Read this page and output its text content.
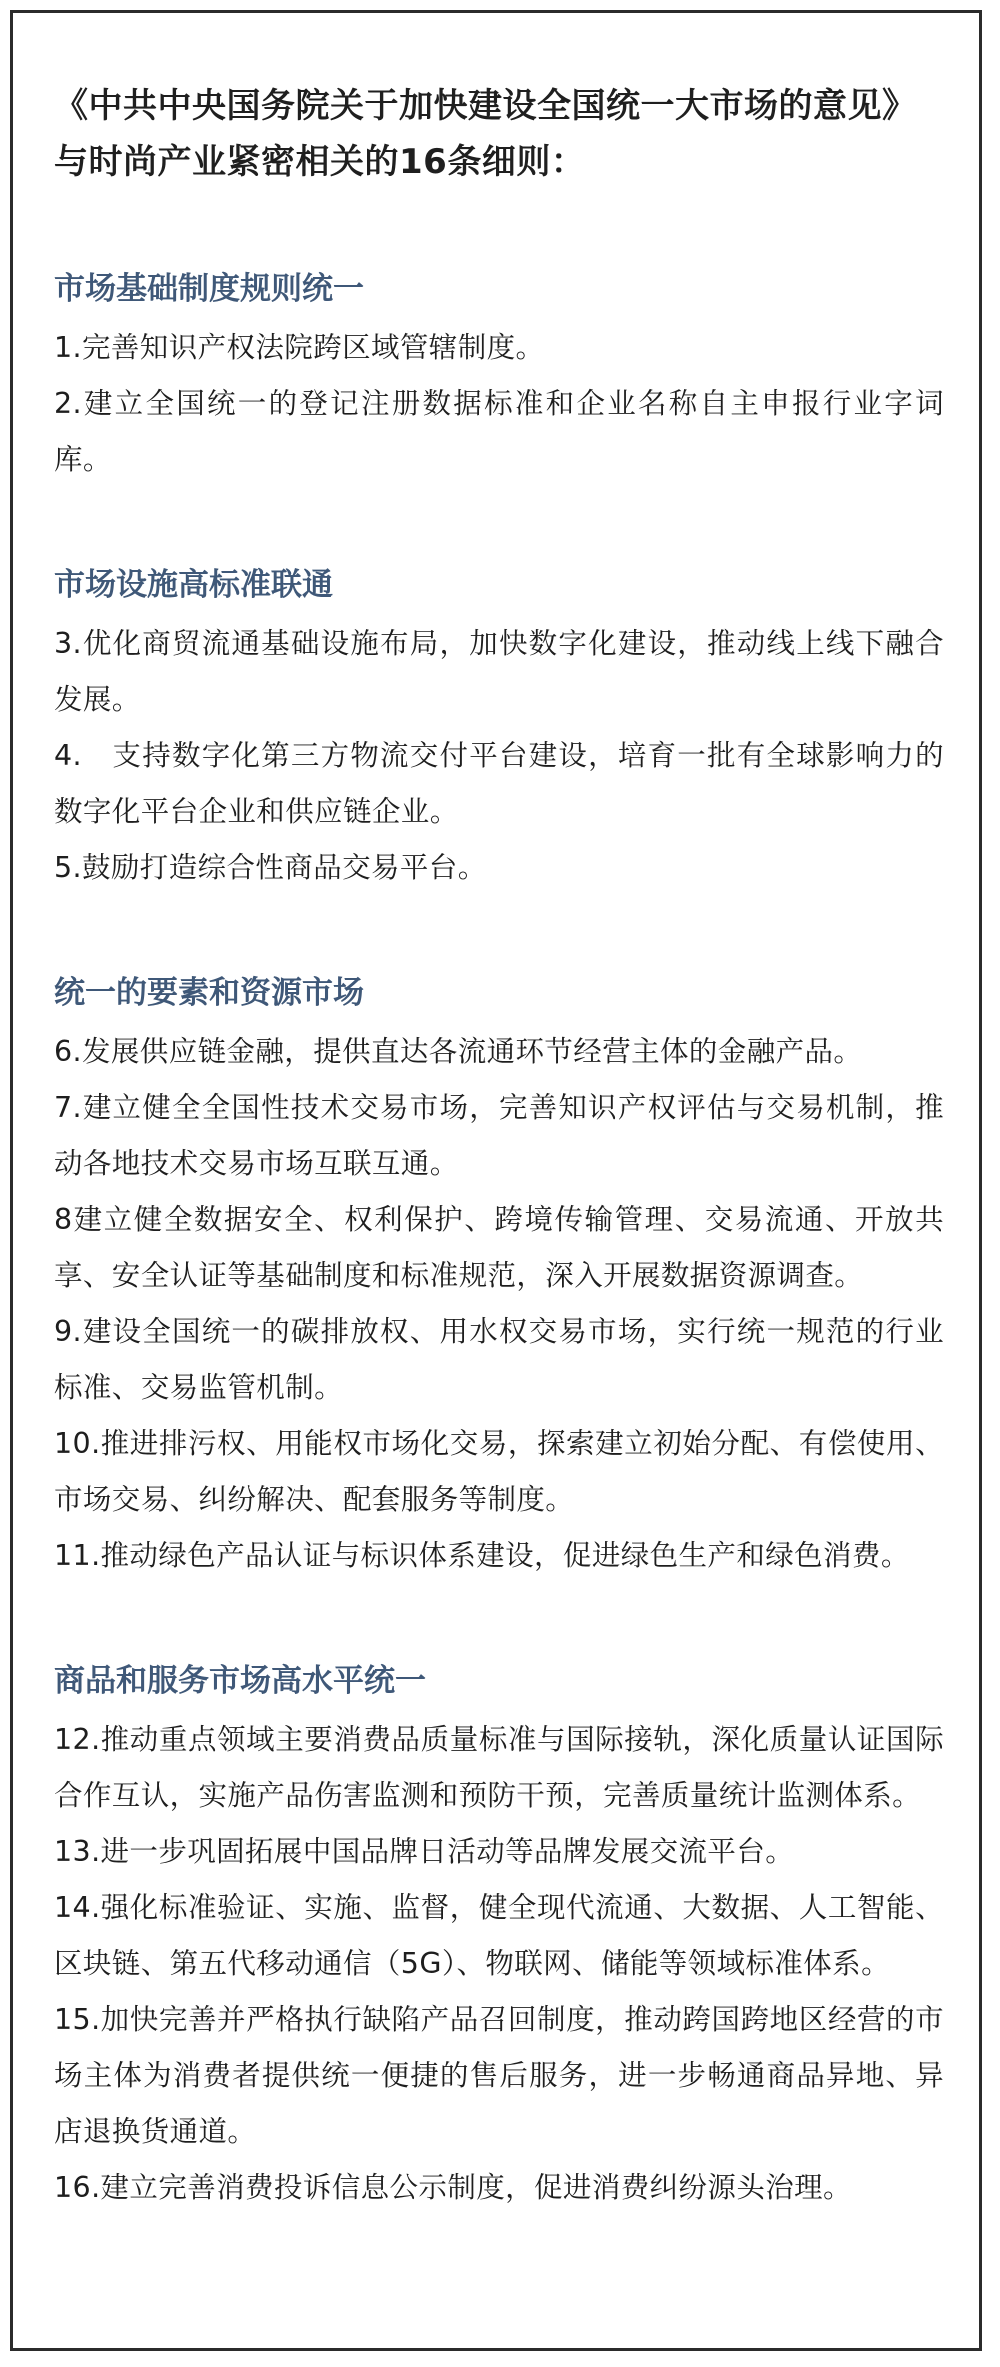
《中共中央国务院关于加快建设全国统一大市场的意见》
与时尚产业紧密相关的16条细则：
市场基础制度规则统一

1.完善知识产权法院跨区域管辖制度。

2.建立全国统一的登记注册数据标准和企业名称自主申报行业字词库。

市场设施高标准联通

3.优化商贸流通基础设施布局，加快数字化建设，推动线上线下融合发展。

4.　支持数字化第三方物流交付平台建设，培育一批有全球影响力的数字化平台企业和供应链企业。

5.鼓励打造综合性商品交易平台。

统一的要素和资源市场

6.发展供应链金融，提供直达各流通环节经营主体的金融产品。

7.建立健全全国性技术交易市场，完善知识产权评估与交易机制，推动各地技术交易市场互联互通。

8建立健全数据安全、权利保护、跨境传输管理、交易流通、开放共享、安全认证等基础制度和标准规范，深入开展数据资源调查。

9.建设全国统一的碳排放权、用水权交易市场，实行统一规范的行业标准、交易监管机制。

10.推进排污权、用能权市场化交易，探索建立初始分配、有偿使用、市场交易、纠纷解决、配套服务等制度。

11.推动绿色产品认证与标识体系建设，促进绿色生产和绿色消费。

商品和服务市场高水平统一

12.推动重点领域主要消费品质量标准与国际接轨，深化质量认证国际合作互认，实施产品伤害监测和预防干预，完善质量统计监测体系。

13.进一步巩固拓展中国品牌日活动等品牌发展交流平台。

14.强化标准验证、实施、监督，健全现代流通、大数据、人工智能、区块链、第五代移动通信（5G）、物联网、储能等领域标准体系。

15.加快完善并严格执行缺陷产品召回制度，推动跨国跨地区经营的市场主体为消费者提供统一便捷的售后服务，进一步畅通商品异地、异店退换货通道。

16.建立完善消费投诉信息公示制度，促进消费纠纷源头治理。
